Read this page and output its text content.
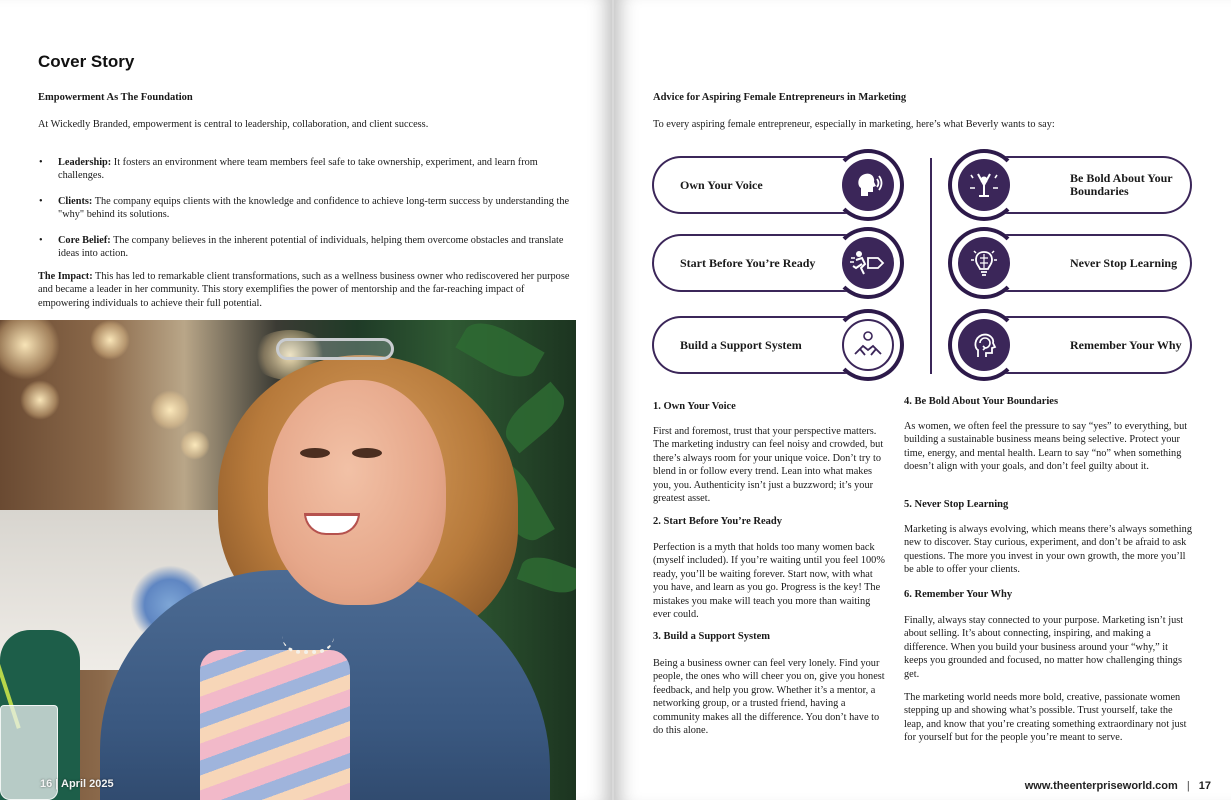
Cover Story
Empowerment As The Foundation
At Wickedly Branded, empowerment is central to leadership, collaboration, and client success.
• Leadership: It fosters an environment where team members feel safe to take ownership, experiment, and learn from challenges.
• Clients: The company equips clients with the knowledge and confidence to achieve long-term success by understanding the "why" behind its solutions.
• Core Belief: The company believes in the inherent potential of individuals, helping them overcome obstacles and translate ideas into action.
The Impact: This has led to remarkable client transformations, such as a wellness business owner who rediscovered her purpose and became a leader in her community. This story exemplifies the power of mentorship and the far-reaching impact of empowering individuals to achieve their full potential.
16 | April 2025
Advice for Aspiring Female Entrepreneurs in Marketing
To every aspiring female entrepreneur, especially in marketing, here’s what Beverly wants to say:
Own Your Voice
Start Before You’re Ready
Build a Support System
Be Bold About Your Boundaries
Never Stop Learning
Remember Your Why
1. Own Your Voice
First and foremost, trust that your perspective matters. The marketing industry can feel noisy and crowded, but there’s always room for your unique voice. Don’t try to blend in or follow every trend. Lean into what makes you, you. Authenticity isn’t just a buzzword; it’s your greatest asset.
2. Start Before You’re Ready
Perfection is a myth that holds too many women back (myself included). If you’re waiting until you feel 100% ready, you’ll be waiting forever. Start now, with what you have, and learn as you go. Progress is the key! The mistakes you make will teach you more than waiting ever could.
3. Build a Support System
Being a business owner can feel very lonely. Find your people, the ones who will cheer you on, give you honest feedback, and help you grow. Whether it’s a mentor, a networking group, or a trusted friend, having a community makes all the difference. You don’t have to do this alone.
4. Be Bold About Your Boundaries
As women, we often feel the pressure to say “yes” to everything, but building a sustainable business means being selective. Protect your time, energy, and mental health. Learn to say “no” when something doesn’t align with your goals, and don’t feel guilty about it.
5. Never Stop Learning
Marketing is always evolving, which means there’s always something new to discover. Stay curious, experiment, and don’t be afraid to ask questions. The more you invest in your own growth, the more you’ll be able to offer your clients.
6. Remember Your Why
Finally, always stay connected to your purpose. Marketing isn’t just about selling. It’s about connecting, inspiring, and making a difference. When you build your business around your “why,” it keeps you grounded and focused, no matter how challenging things get.
The marketing world needs more bold, creative, passionate women stepping up and showing what’s possible. Trust yourself, take the leap, and know that you’re creating something extraordinary not just for yourself but for the people you’re meant to serve.
www.theenterpriseworld.com | 17
